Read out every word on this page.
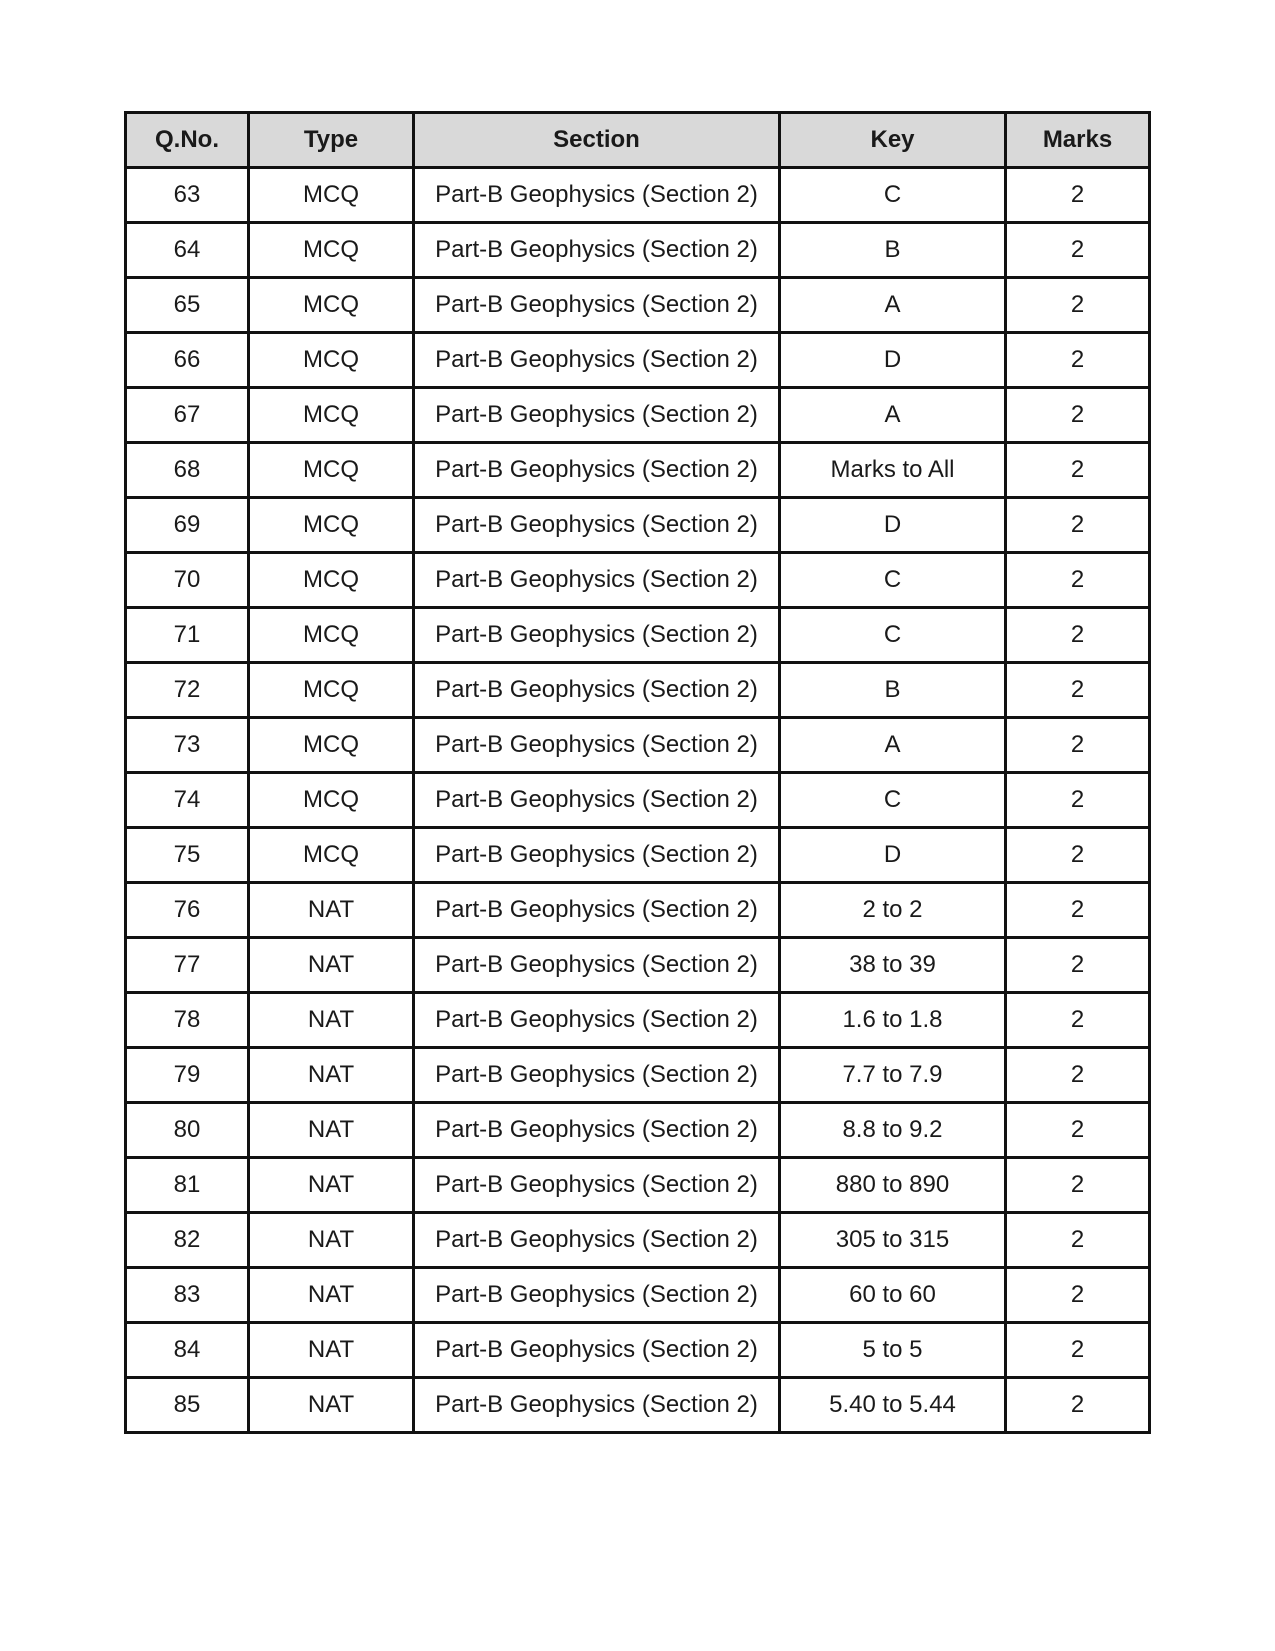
Q.No.	Type	Section	Key	Marks
63	MCQ	Part-B Geophysics (Section 2)	C	2
64	MCQ	Part-B Geophysics (Section 2)	B	2
65	MCQ	Part-B Geophysics (Section 2)	A	2
66	MCQ	Part-B Geophysics (Section 2)	D	2
67	MCQ	Part-B Geophysics (Section 2)	A	2
68	MCQ	Part-B Geophysics (Section 2)	Marks to All	2
69	MCQ	Part-B Geophysics (Section 2)	D	2
70	MCQ	Part-B Geophysics (Section 2)	C	2
71	MCQ	Part-B Geophysics (Section 2)	C	2
72	MCQ	Part-B Geophysics (Section 2)	B	2
73	MCQ	Part-B Geophysics (Section 2)	A	2
74	MCQ	Part-B Geophysics (Section 2)	C	2
75	MCQ	Part-B Geophysics (Section 2)	D	2
76	NAT	Part-B Geophysics (Section 2)	2 to 2	2
77	NAT	Part-B Geophysics (Section 2)	38 to 39	2
78	NAT	Part-B Geophysics (Section 2)	1.6 to 1.8	2
79	NAT	Part-B Geophysics (Section 2)	7.7 to 7.9	2
80	NAT	Part-B Geophysics (Section 2)	8.8 to 9.2	2
81	NAT	Part-B Geophysics (Section 2)	880 to 890	2
82	NAT	Part-B Geophysics (Section 2)	305 to 315	2
83	NAT	Part-B Geophysics (Section 2)	60 to 60	2
84	NAT	Part-B Geophysics (Section 2)	5 to 5	2
85	NAT	Part-B Geophysics (Section 2)	5.40 to 5.44	2
